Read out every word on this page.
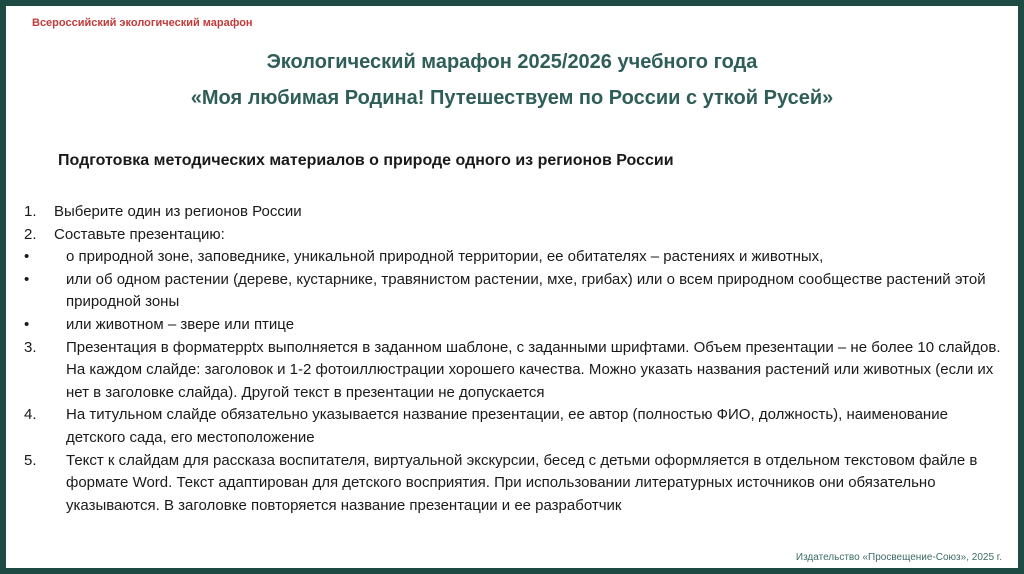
Всероссийский экологический марафон
Экологический марафон 2025/2026 учебного года
«Моя любимая Родина! Путешествуем по России с уткой Русей»
Подготовка методических материалов о природе одного из регионов России
1.	Выберите один из регионов России
2.	Составьте презентацию:
•	о природной зоне, заповеднике, уникальной природной территории, ее обитателях – растениях и животных,
•	или об одном растении (дереве, кустарнике, травянистом растении, мхе, грибах) или о всем природном сообществе растений этой природной зоны
•	или животном – звере или птице
3.	Презентация в форматеpptx выполняется в заданном шаблоне, с заданными шрифтами. Объем презентации – не более 10 слайдов. На каждом слайде: заголовок и 1-2 фотоиллюстрации хорошего качества. Можно указать названия растений или животных (если их нет в заголовке слайда). Другой текст в презентации не допускается
4.	На титульном слайде обязательно указывается название презентации, ее автор (полностью ФИО, должность), наименование детского сада, его местоположение
5.	Текст к слайдам для рассказа воспитателя, виртуальной экскурсии, бесед с детьми оформляется в отдельном текстовом файле в формате Word. Текст адаптирован для детского восприятия. При использовании литературных источников они обязательно указываются. В заголовке повторяется название презентации и ее разработчик
Издательство «Просвещение-Союз», 2025 г.
